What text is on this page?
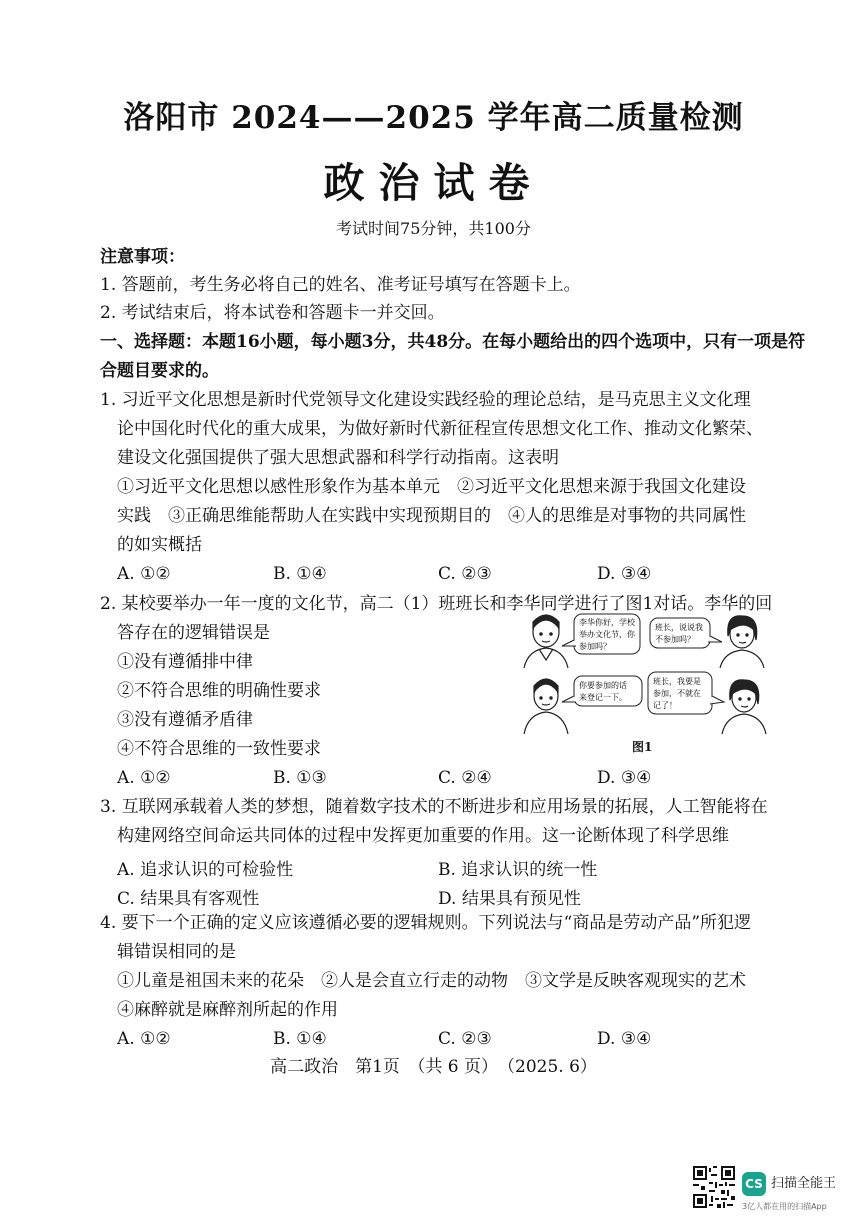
洛阳市 2024——2025 学年高二质量检测
政治试卷
考试时间75分钟，共100分
注意事项：
1. 答题前，考生务必将自己的姓名、准考证号填写在答题卡上。
2. 考试结束后，将本试卷和答题卡一并交回。
一、选择题：本题16小题，每小题3分，共48分。在每小题给出的四个选项中，只有一项是符
合题目要求的。
1. 习近平文化思想是新时代党领导文化建设实践经验的理论总结，是马克思主义文化理
论中国化时代化的重大成果，为做好新时代新征程宣传思想文化工作、推动文化繁荣、
建设文化强国提供了强大思想武器和科学行动指南。这表明
①习近平文化思想以感性形象作为基本单元　②习近平文化思想来源于我国文化建设
实践　③正确思维能帮助人在实践中实现预期目的　④人的思维是对事物的共同属性
的如实概括
A. ①②	B. ①④	C. ②③	D. ③④
2. 某校要举办一年一度的文化节，高二（1）班班长和李华同学进行了图1对话。李华的回
答存在的逻辑错误是
①没有遵循排中律
②不符合思维的明确性要求
③没有遵循矛盾律
④不符合思维的一致性要求
李华你好，学校
举办文化节，你
参加吗？
班长，说说我
不参加吗？
你要参加的话
来登记一下。
班长，我要是
参加，不就在
记了！
图1
A. ①②	B. ①③	C. ②④	D. ③④
3. 互联网承载着人类的梦想，随着数字技术的不断进步和应用场景的拓展，人工智能将在
构建网络空间命运共同体的过程中发挥更加重要的作用。这一论断体现了科学思维
A. 追求认识的可检验性	B. 追求认识的统一性
C. 结果具有客观性	D. 结果具有预见性
4. 要下一个正确的定义应该遵循必要的逻辑规则。下列说法与“商品是劳动产品”所犯逻
辑错误相同的是
①儿童是祖国未来的花朵　②人是会直立行走的动物　③文学是反映客观现实的艺术
④麻醉就是麻醉剂所起的作用
A. ①②	B. ①④	C. ②③	D. ③④
高二政治　第1页　（共 6 页）　（2025. 6）
CS 扫描全能王
3亿人都在用的扫描App
